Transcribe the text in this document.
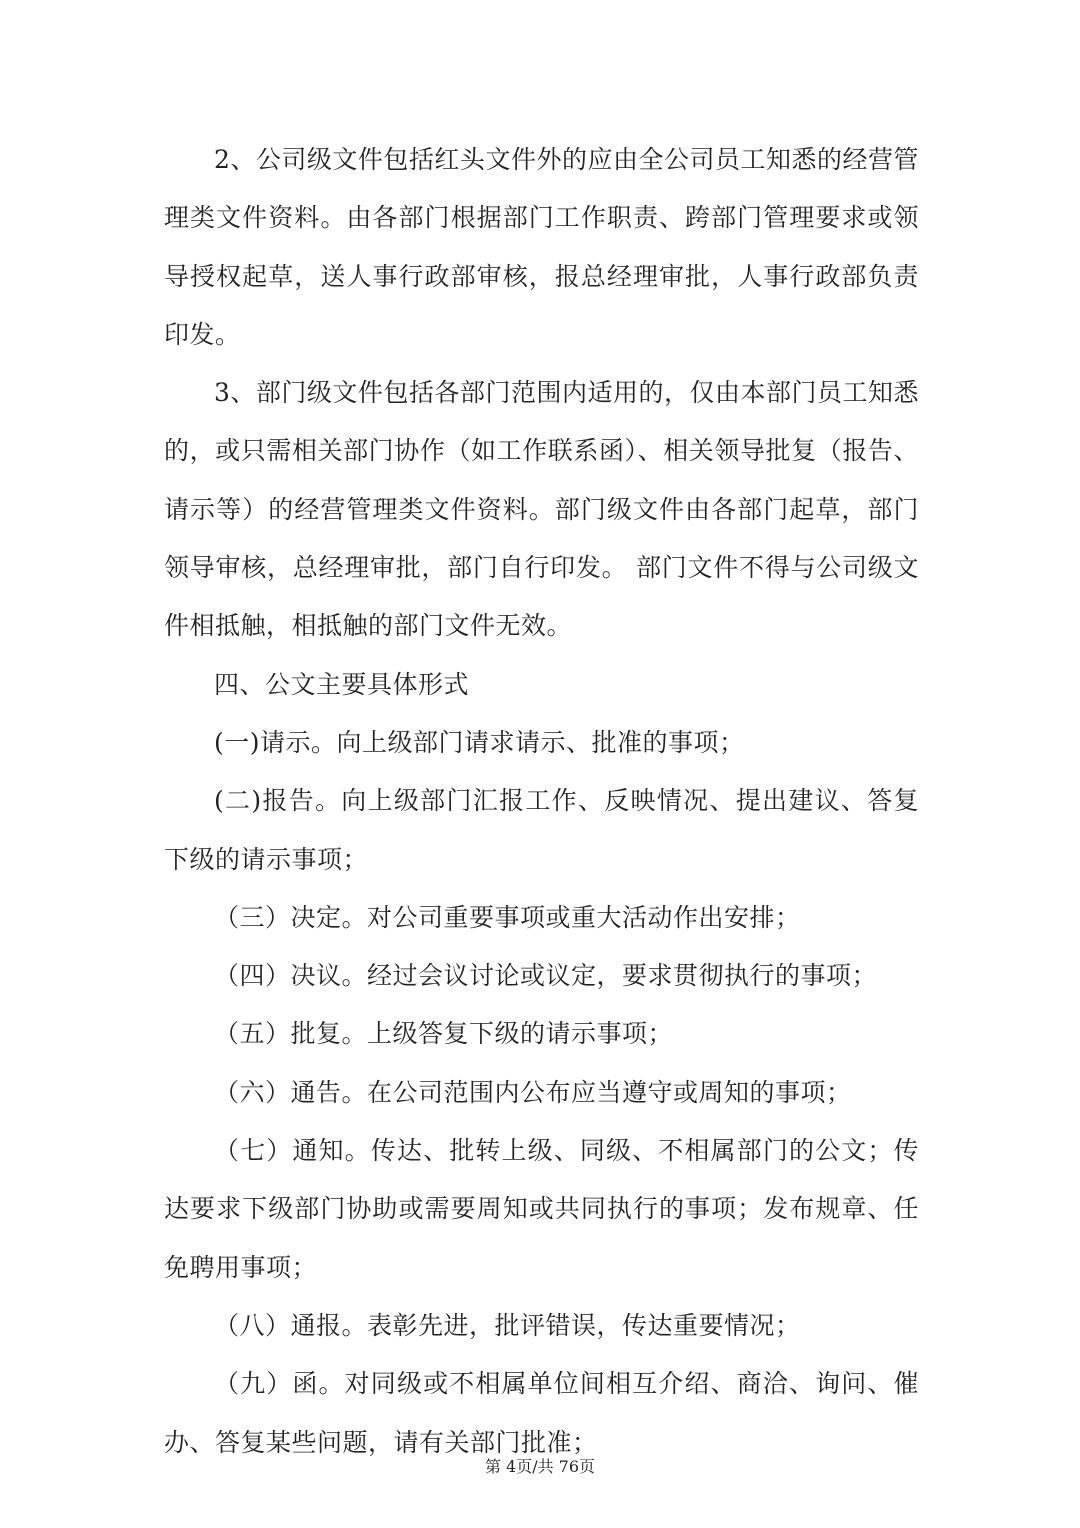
2、公司级文件包括红头文件外的应由全公司员工知悉的经营管理类文件资料。由各部门根据部门工作职责、跨部门管理要求或领导授权起草，送人事行政部审核，报总经理审批，人事行政部负责印发。

3、部门级文件包括各部门范围内适用的，仅由本部门员工知悉的，或只需相关部门协作（如工作联系函）、相关领导批复（报告、请示等）的经营管理类文件资料。部门级文件由各部门起草，部门领导审核，总经理审批，部门自行印发。 部门文件不得与公司级文件相抵触，相抵触的部门文件无效。

四、公文主要具体形式

(一)请示。向上级部门请求请示、批准的事项；

(二)报告。向上级部门汇报工作、反映情况、提出建议、答复下级的请示事项；

（三）决定。对公司重要事项或重大活动作出安排；

（四）决议。经过会议讨论或议定，要求贯彻执行的事项；

（五）批复。上级答复下级的请示事项；

（六）通告。在公司范围内公布应当遵守或周知的事项；

（七）通知。传达、批转上级、同级、不相属部门的公文；传达要求下级部门协助或需要周知或共同执行的事项；发布规章、任免聘用事项；

（八）通报。表彰先进，批评错误，传达重要情况；

（九）函。对同级或不相属单位间相互介绍、商洽、询问、催办、答复某些问题，请有关部门批准；

第 4页/共 76页
